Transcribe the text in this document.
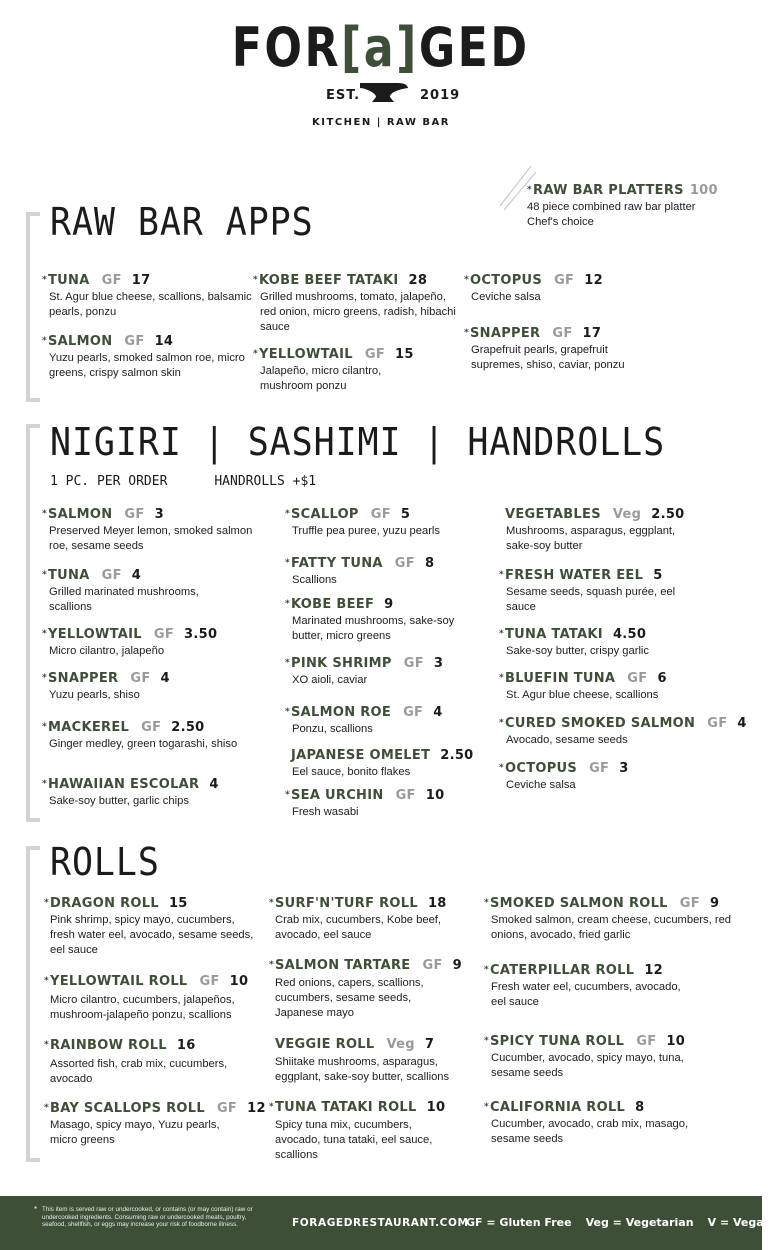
FOR[a]GED
EST.	2019
KITCHEN | RAW BAR
*RAW BAR PLATTERS 100
48 piece combined raw bar platter
Chef's choice
RAW BAR APPS
*TUNA GF 17
St. Agur blue cheese, scallions, balsamic pearls, ponzu
*SALMON GF 14
Yuzu pearls, smoked salmon roe, micro greens, crispy salmon skin
*KOBE BEEF TATAKI 28
Grilled mushrooms, tomato, jalapeño, red onion, micro greens, radish, hibachi sauce
*YELLOWTAIL GF 15
Jalapeño, micro cilantro, mushroom ponzu
*OCTOPUS GF 12
Ceviche salsa
*SNAPPER GF 17
Grapefruit pearls, grapefruit supremes, shiso, caviar, ponzu
NIGIRI | SASHIMI | HANDROLLS
1 PC. PER ORDER      HANDROLLS +$1
*SALMON GF 3
Preserved Meyer lemon, smoked salmon roe, sesame seeds
*TUNA GF 4
Grilled marinated mushrooms, scallions
*YELLOWTAIL GF 3.50
Micro cilantro, jalapeño
*SNAPPER GF 4
Yuzu pearls, shiso
*MACKEREL GF 2.50
Ginger medley, green togarashi, shiso
*HAWAIIAN ESCOLAR 4
Sake-soy butter, garlic chips
*SCALLOP GF 5
Truffle pea puree, yuzu pearls
*FATTY TUNA GF 8
Scallions
*KOBE BEEF 9
Marinated mushrooms, sake-soy butter, micro greens
*PINK SHRIMP GF 3
XO aioli, caviar
*SALMON ROE GF 4
Ponzu, scallions
JAPANESE OMELET 2.50
Eel sauce, bonito flakes
*SEA URCHIN GF 10
Fresh wasabi
VEGETABLES Veg 2.50
Mushrooms, asparagus, eggplant, sake-soy butter
*FRESH WATER EEL 5
Sesame seeds, squash purée, eel sauce
*TUNA TATAKI 4.50
Sake-soy butter, crispy garlic
*BLUEFIN TUNA GF 6
St. Agur blue cheese, scallions
*CURED SMOKED SALMON GF 4
Avocado, sesame seeds
*OCTOPUS GF 3
Ceviche salsa
ROLLS
*DRAGON ROLL 15
Pink shrimp, spicy mayo, cucumbers, fresh water eel, avocado, sesame seeds, eel sauce
*YELLOWTAIL ROLL GF 10
Micro cilantro, cucumbers, jalapeños, mushroom-jalapeño ponzu, scallions
*RAINBOW ROLL 16
Assorted fish, crab mix, cucumbers, avocado
*BAY SCALLOPS ROLL GF 12
Masago, spicy mayo, Yuzu pearls, micro greens
*SURF'N'TURF ROLL 18
Crab mix, cucumbers, Kobe beef, avocado, eel sauce
*SALMON TARTARE GF 9
Red onions, capers, scallions, cucumbers, sesame seeds, Japanese mayo
VEGGIE ROLL Veg 7
Shiitake mushrooms, asparagus, eggplant, sake-soy butter, scallions
*TUNA TATAKI ROLL 10
Spicy tuna mix, cucumbers, avocado, tuna tataki, eel sauce, scallions
*SMOKED SALMON ROLL GF 9
Smoked salmon, cream cheese, cucumbers, red onions, avocado, fried garlic
*CATERPILLAR ROLL 12
Fresh water eel, cucumbers, avocado, eel sauce
*SPICY TUNA ROLL GF 10
Cucumber, avocado, spicy mayo, tuna, sesame seeds
*CALIFORNIA ROLL 8
Cucumber, avocado, crab mix, masago, sesame seeds
* This item is served raw or undercooked, or contains (or may contain) raw or undercooked ingredients. Consuming raw or undercooked meats, poultry, seafood, shellfish, or eggs may increase your risk of foodborne illness.	FORAGEDRESTAURANT.COM
GF = Gluten Free Veg = Vegetarian V = Vegan
